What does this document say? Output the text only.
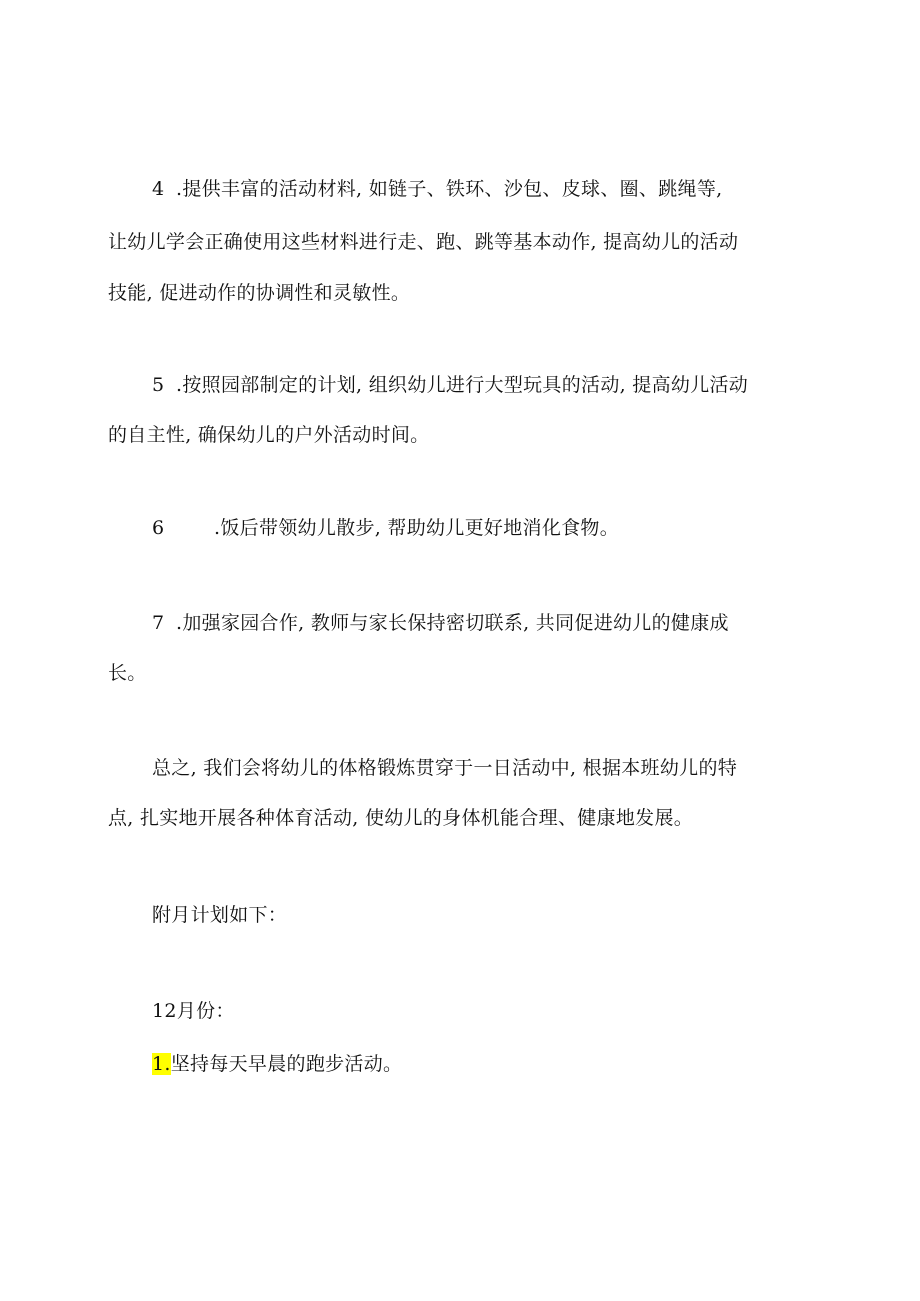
4 .提供丰富的活动材料, 如链子、铁环、沙包、皮球、圈、跳绳等,
让幼儿学会正确使用这些材料进行走、跑、跳等基本动作, 提高幼儿的活动
技能, 促进动作的协调性和灵敏性。
5 .按照园部制定的计划, 组织幼儿进行大型玩具的活动, 提高幼儿活动
的自主性, 确保幼儿的户外活动时间。
6	.饭后带领幼儿散步, 帮助幼儿更好地消化食物。
7 .加强家园合作, 教师与家长保持密切联系, 共同促进幼儿的健康成
长。
总之, 我们会将幼儿的体格锻炼贯穿于一日活动中, 根据本班幼儿的特
点, 扎实地开展各种体育活动, 使幼儿的身体机能合理、健康地发展。
附月计划如下：
12月份：
1.坚持每天早晨的跑步活动。
